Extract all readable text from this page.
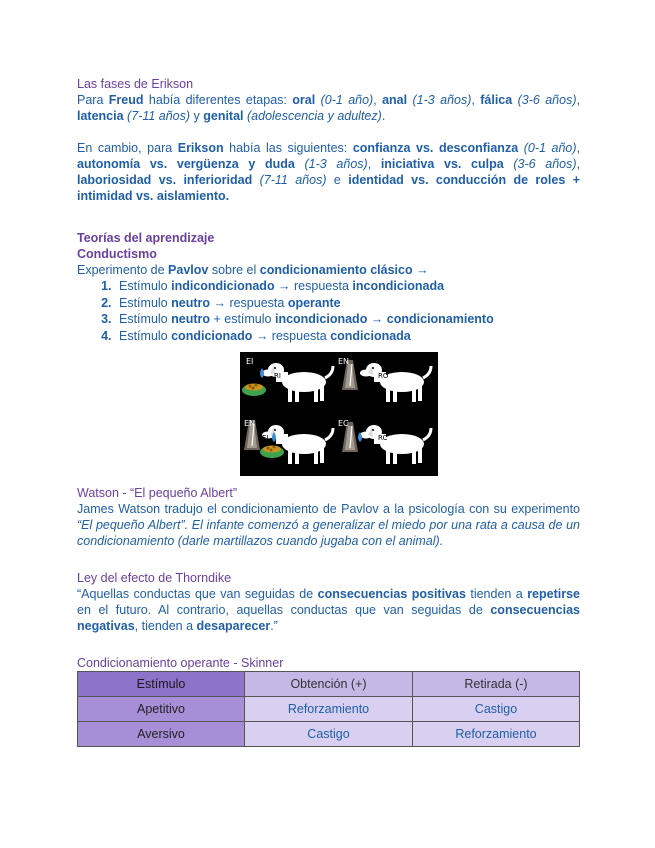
Las fases de Erikson

Para Freud había diferentes etapas: oral (0-1 año), anal (1-3 años), fálica (3-6 años), latencia (7-11 años) y genital (adolescencia y adultez).

En cambio, para Erikson había las siguientes: confianza vs. desconfianza (0-1 año), autonomía vs. vergüenza y duda (1-3 años), iniciativa vs. culpa (3-6 años), laboriosidad vs. inferioridad (7-11 años) e identidad vs. conducción de roles + intimidad vs. aislamiento.

Teorías del aprendizaje

Conductismo

Experimento de Pavlov sobre el condicionamiento clásico →

1. Estímulo indicondicionado → respuesta incondicionada
2. Estímulo neutro → respuesta operante
3. Estímulo neutro + estímulo incondicionado → condicionamiento
4. Estímulo condicionado → respuesta condicionada

Watson - “El pequeño Albert”

James Watson tradujo el condicionamiento de Pavlov a la psicología con su experimento “El pequeño Albert”. El infante comenzó a generalizar el miedo por una rata a causa de un condicionamiento (darle martillazos cuando jugaba con el animal).

Ley del efecto de Thorndike

“Aquellas conductas que van seguidas de consecuencias positivas tienden a repetirse en el futuro. Al contrario, aquellas conductas que van seguidas de consecuencias negativas, tienden a desaparecer.”

Condicionamiento operante - Skinner

Estímulo	Obtención (+)	Retirada (-)
Apetitivo	Reforzamiento	Castigo
Aversivo	Castigo	Reforzamiento
EI
RI
EN
RO
EN
EI
EC
RC
